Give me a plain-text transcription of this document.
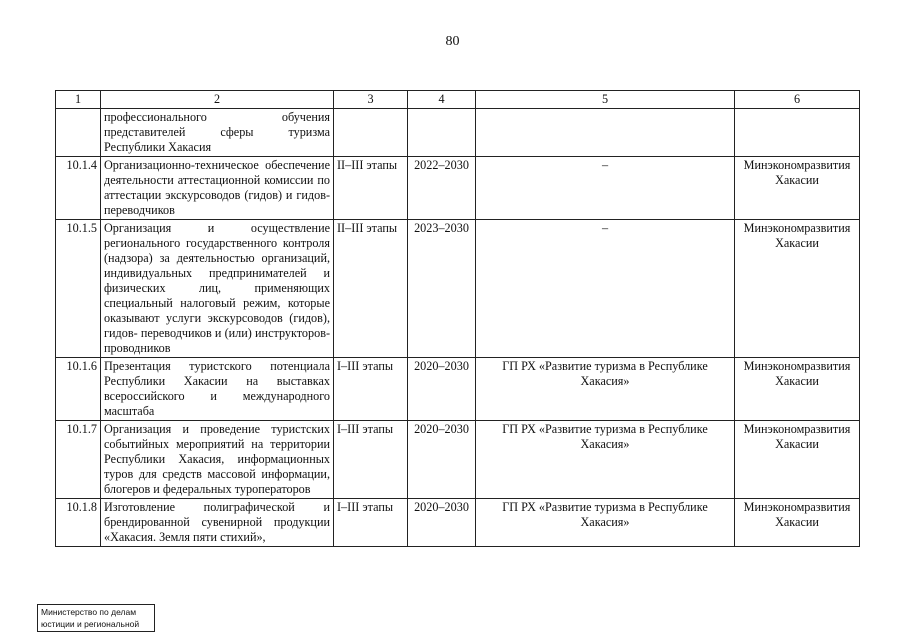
80
1	2	3	4	5	6
	профессионального обучения представителей сферы туризма Республики Хакасия				
10.1.4	Организационно-техническое обеспечение деятельности аттестационной комиссии по аттестации экскурсоводов (гидов) и гидов- переводчиков	II–III этапы	2022–2030	–	Минэкономразвития Хакасии
10.1.5	Организация и осуществление регионального государственного контроля (надзора) за деятельностью организаций, индивидуальных предпринимателей и физических лиц, применяющих специальный налоговый режим, которые оказывают услуги экскурсоводов (гидов), гидов- переводчиков и (или) инструкторов- проводников	II–III этапы	2023–2030	–	Минэкономразвития Хакасии
10.1.6	Презентация туристского потенциала Республики Хакасии на выставках всероссийского и международного масштаба	I–III этапы	2020–2030	ГП РХ «Развитие туризма в Республике Хакасия»	Минэкономразвития Хакасии
10.1.7	Организация и проведение туристских событийных мероприятий на территории Республики Хакасия, информационных туров для средств массовой информации, блогеров и федеральных туроператоров	I–III этапы	2020–2030	ГП РХ «Развитие туризма в Республике Хакасия»	Минэкономразвития Хакасии
10.1.8	Изготовление полиграфической и брендированной сувенирной продукции «Хакасия. Земля пяти стихий»,	I–III этапы	2020–2030	ГП РХ «Развитие туризма в Республике Хакасия»	Минэкономразвития Хакасии
Министерство по делам
юстиции и региональной
